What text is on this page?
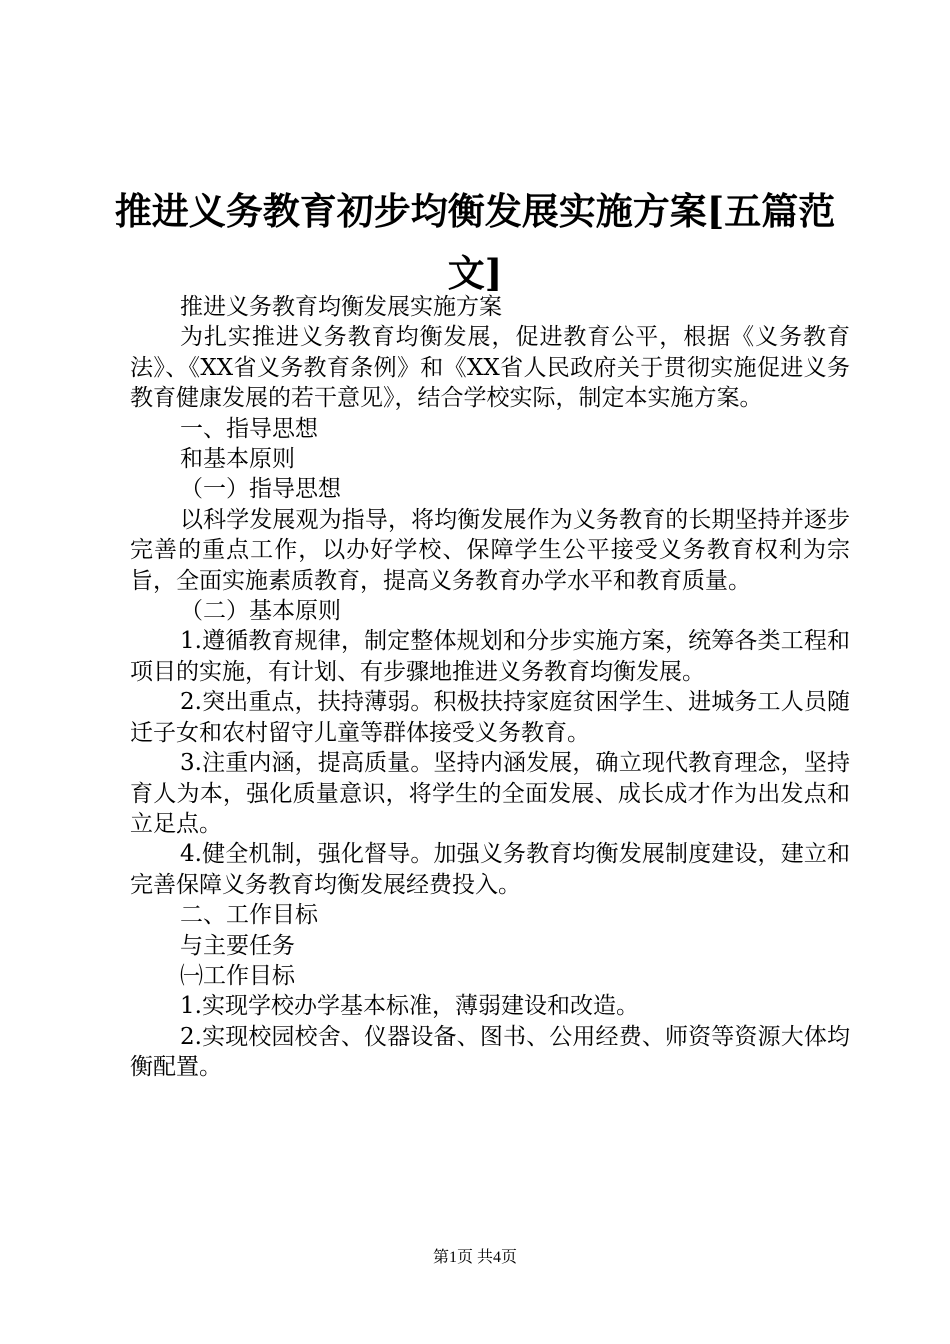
推进义务教育初步均衡发展实施方案[五篇范文]

推进义务教育均衡发展实施方案

为扎实推进义务教育均衡发展，促进教育公平，根据《义务教育法》、《XX省义务教育条例》和《XX省人民政府关于贯彻实施促进义务教育健康发展的若干意见》，结合学校实际，制定本实施方案。

一、指导思想

和基本原则

（一）指导思想

以科学发展观为指导，将均衡发展作为义务教育的长期坚持并逐步完善的重点工作，以办好学校、保障学生公平接受义务教育权利为宗旨，全面实施素质教育，提高义务教育办学水平和教育质量。

（二）基本原则

1.遵循教育规律，制定整体规划和分步实施方案，统筹各类工程和项目的实施，有计划、有步骤地推进义务教育均衡发展。

2.突出重点，扶持薄弱。积极扶持家庭贫困学生、进城务工人员随迁子女和农村留守儿童等群体接受义务教育。

3.注重内涵，提高质量。坚持内涵发展，确立现代教育理念，坚持育人为本，强化质量意识，将学生的全面发展、成长成才作为出发点和立足点。

4.健全机制，强化督导。加强义务教育均衡发展制度建设，建立和完善保障义务教育均衡发展经费投入。

二、工作目标

与主要任务

㈠工作目标

1.实现学校办学基本标准，薄弱建设和改造。

2.实现校园校舍、仪器设备、图书、公用经费、师资等资源大体均衡配置。

第1页 共4页
